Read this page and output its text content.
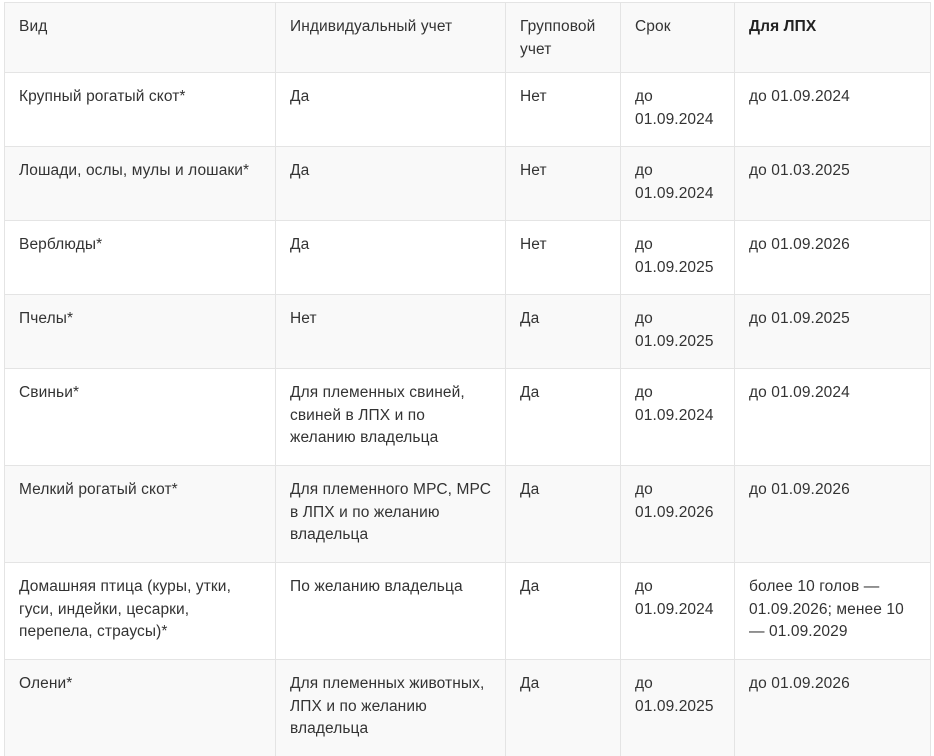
Вид	Индивидуальный учет	Групповой учет	Срок	Для ЛПХ
Крупный рогатый скот*	Да	Нет	до 01.09.2024	до 01.09.2024
Лошади, ослы, мулы и лошаки*	Да	Нет	до 01.09.2024	до 01.03.2025
Верблюды*	Да	Нет	до 01.09.2025	до 01.09.2026
Пчелы*	Нет	Да	до 01.09.2025	до 01.09.2025
Свиньи*	Для племенных свиней, свиней в ЛПХ и по желанию владельца	Да	до 01.09.2024	до 01.09.2024
Мелкий рогатый скот*	Для племенного МРС, МРС в ЛПХ и по желанию владельца	Да	до 01.09.2026	до 01.09.2026
Домашняя птица (куры, утки, гуси, индейки, цесарки, перепела, страусы)*	По желанию владельца	Да	до 01.09.2024	более 10 голов — 01.09.2026; менее 10 — 01.09.2029
Олени*	Для племенных животных, ЛПХ и по желанию владельца	Да	до 01.09.2025	до 01.09.2026
